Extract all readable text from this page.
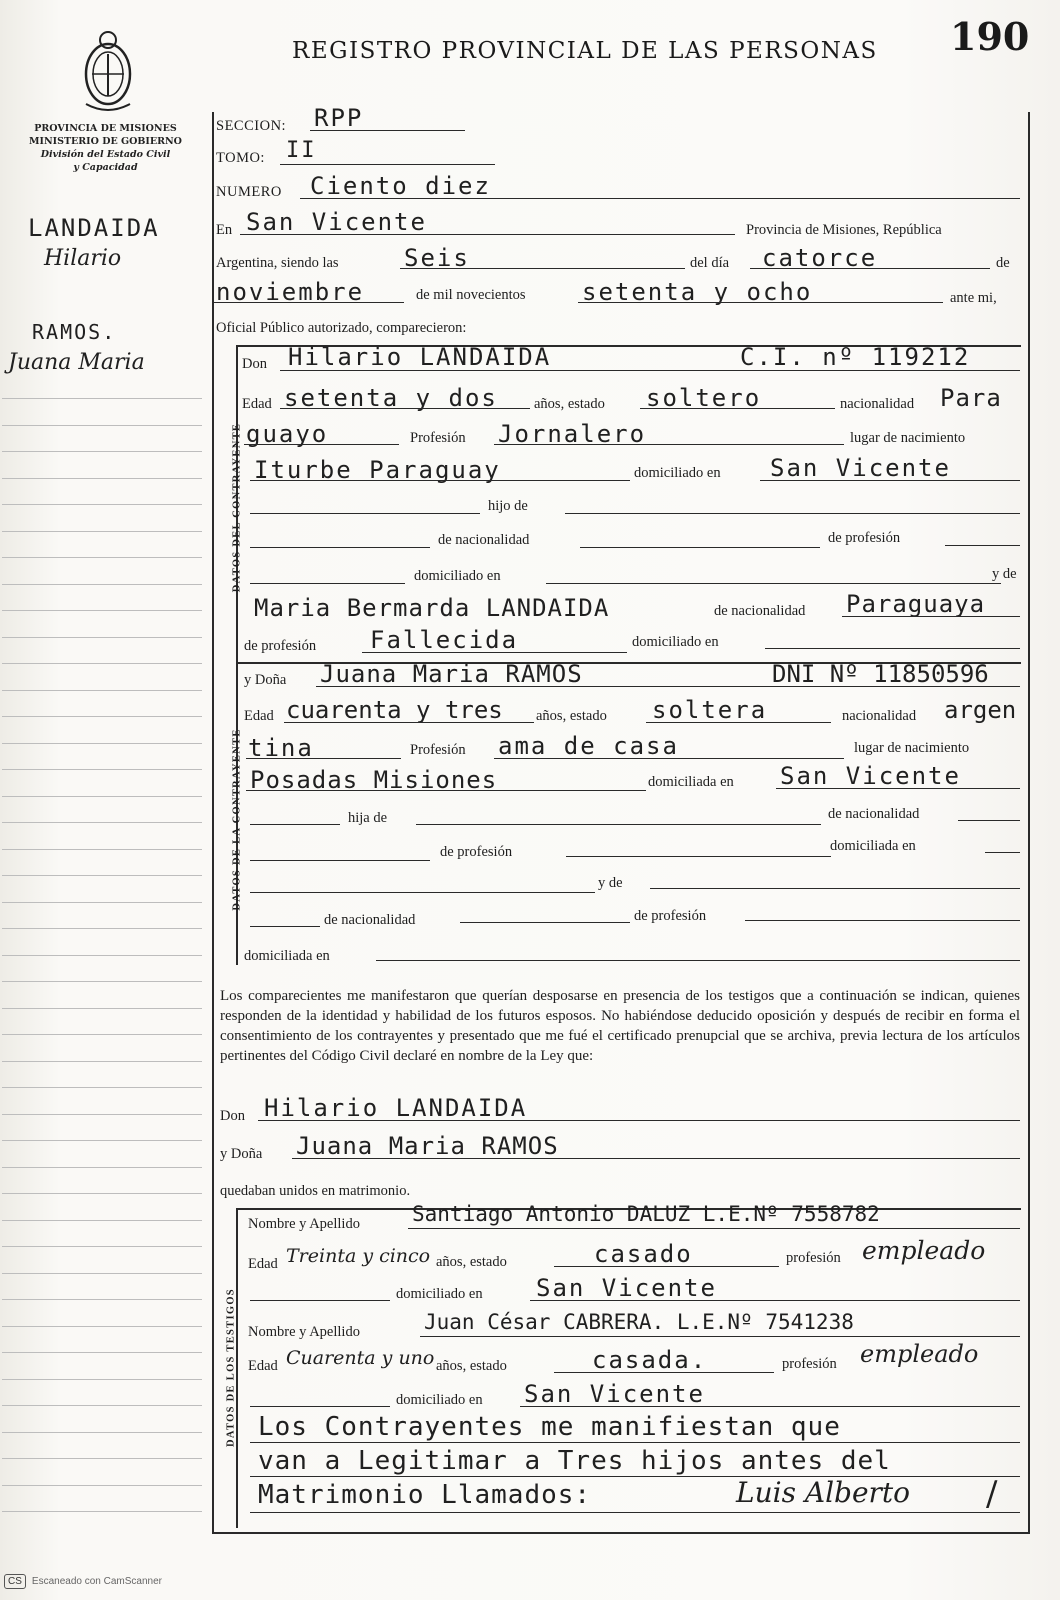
REGISTRO PROVINCIAL DE LAS PERSONAS 190
PROVINCIA DE MISIONES
MINISTERIO DE GOBIERNO
División del Estado Civil
y Capacidad
LANDAIDA
Hilario
RAMOS.
Juana Maria
SECCION: RPP
TOMO: II
NUMERO Ciento diez
En San Vicente	Provincia de Misiones, República
Argentina, siendo las	Seis	del día catorce	de
noviembre	de mil novecientos setenta y ocho	ante mi,
Oficial Público autorizado, comparecieron:
DATOS DEL CONTRAYENTE
Don Hilario LANDAIDA	C.I. nº 119212
Edad setenta y dos años, estado soltero	nacionalidad Para
guayo	Profesión Jornalero	lugar de nacimiento
Iturbe Paraguay	domiciliado en San Vicente
hijo de
de nacionalidad	de profesión
domiciliado en	y de
Maria Bermarda LANDAIDA	de nacionalidad Paraguaya
de profesión Fallecida	domiciliado en
DATOS DE LA CONTRAYENTE
y Doña Juana Maria RAMOS	DNI Nº 11850596
Edad cuarenta y tres años, estado soltera	nacionalidad argen
tina	Profesión ama de casa	lugar de nacimiento
Posadas Misiones	domiciliada en San Vicente
hija de	de nacionalidad
de profesión	domiciliada en
y de
de nacionalidad	de profesión
domiciliada en
Los comparecientes me manifestaron que querían desposarse en presencia de los testigos que a continuación se indican, quienes responden de la identidad y habilidad de los futuros esposos. No habiéndose deducido oposición y después de recibir en forma el consentimiento de los contrayentes y presentado que me fué el certificado prenupcial que se archiva, previa lectura de los artículos pertinentes del Código Civil declaré en nombre de la Ley que:
Don Hilario LANDAIDA
y Doña Juana Maria RAMOS
quedaban unidos en matrimonio.
DATOS DE LOS TESTIGOS
Nombre y Apellido Santiago Antonio DALUZ L.E.Nº 7558782
Edad Treinta y cinco años, estado	casado	profesión empleado
domiciliado en San Vicente
Nombre y Apellido	Juan César CABRERA. L.E.Nº 7541238
Edad Cuarenta y uno años, estado	casada.	profesión empleado
domiciliado en San Vicente
Los Contrayentes me manifiestan que
van a Legitimar a Tres hijos antes del
Matrimonio Llamados:	Luis Alberto /
CS	Escaneado con CamScanner
